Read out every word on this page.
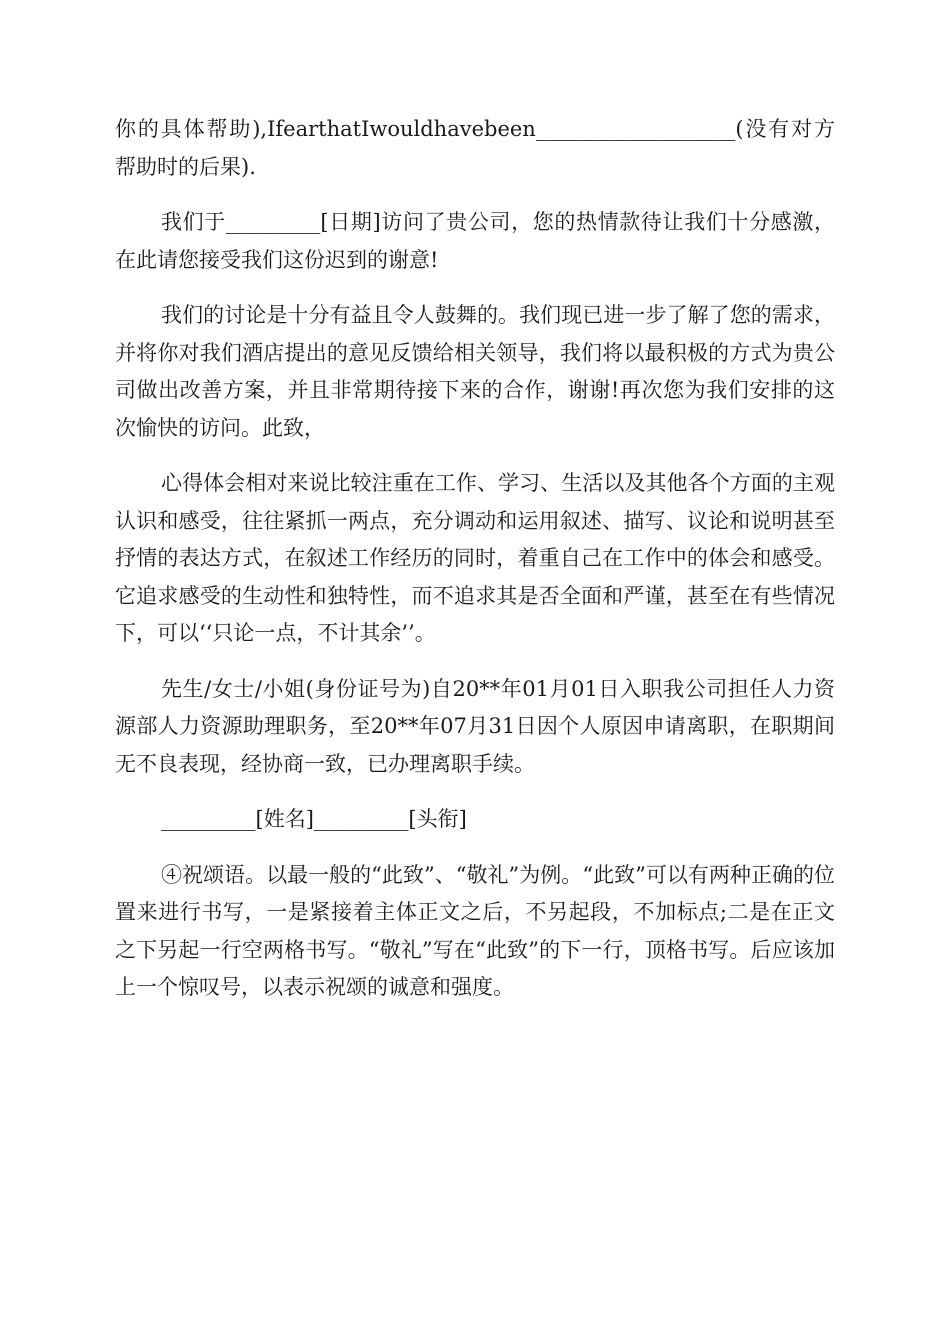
你的具体帮助),IfearthatIwouldhavebeen___________________(没有对方帮助时的后果).

我们于_________[日期]访问了贵公司，您的热情款待让我们十分感激，在此请您接受我们这份迟到的谢意!

我们的讨论是十分有益且令人鼓舞的。我们现已进一步了解了您的需求，并将你对我们酒店提出的意见反馈给相关领导，我们将以最积极的方式为贵公司做出改善方案，并且非常期待接下来的合作，谢谢!再次您为我们安排的这次愉快的访问。此致，

心得体会相对来说比较注重在工作、学习、生活以及其他各个方面的主观认识和感受，往往紧抓一两点，充分调动和运用叙述、描写、议论和说明甚至抒情的表达方式，在叙述工作经历的同时，着重自己在工作中的体会和感受。它追求感受的生动性和独特性，而不追求其是否全面和严谨，甚至在有些情况下，可以‘‘只论一点，不计其余’’。

先生/女士/小姐(身份证号为)自20**年01月01日入职我公司担任人力资源部人力资源助理职务，至20**年07月31日因个人原因申请离职，在职期间无不良表现，经协商一致，已办理离职手续。

_________[姓名]_________[头衔]

④祝颂语。以最一般的“此致”、“敬礼”为例。“此致”可以有两种正确的位置来进行书写，一是紧接着主体正文之后，不另起段，不加标点;二是在正文之下另起一行空两格书写。“敬礼”写在“此致”的下一行，顶格书写。后应该加上一个惊叹号，以表示祝颂的诚意和强度。
